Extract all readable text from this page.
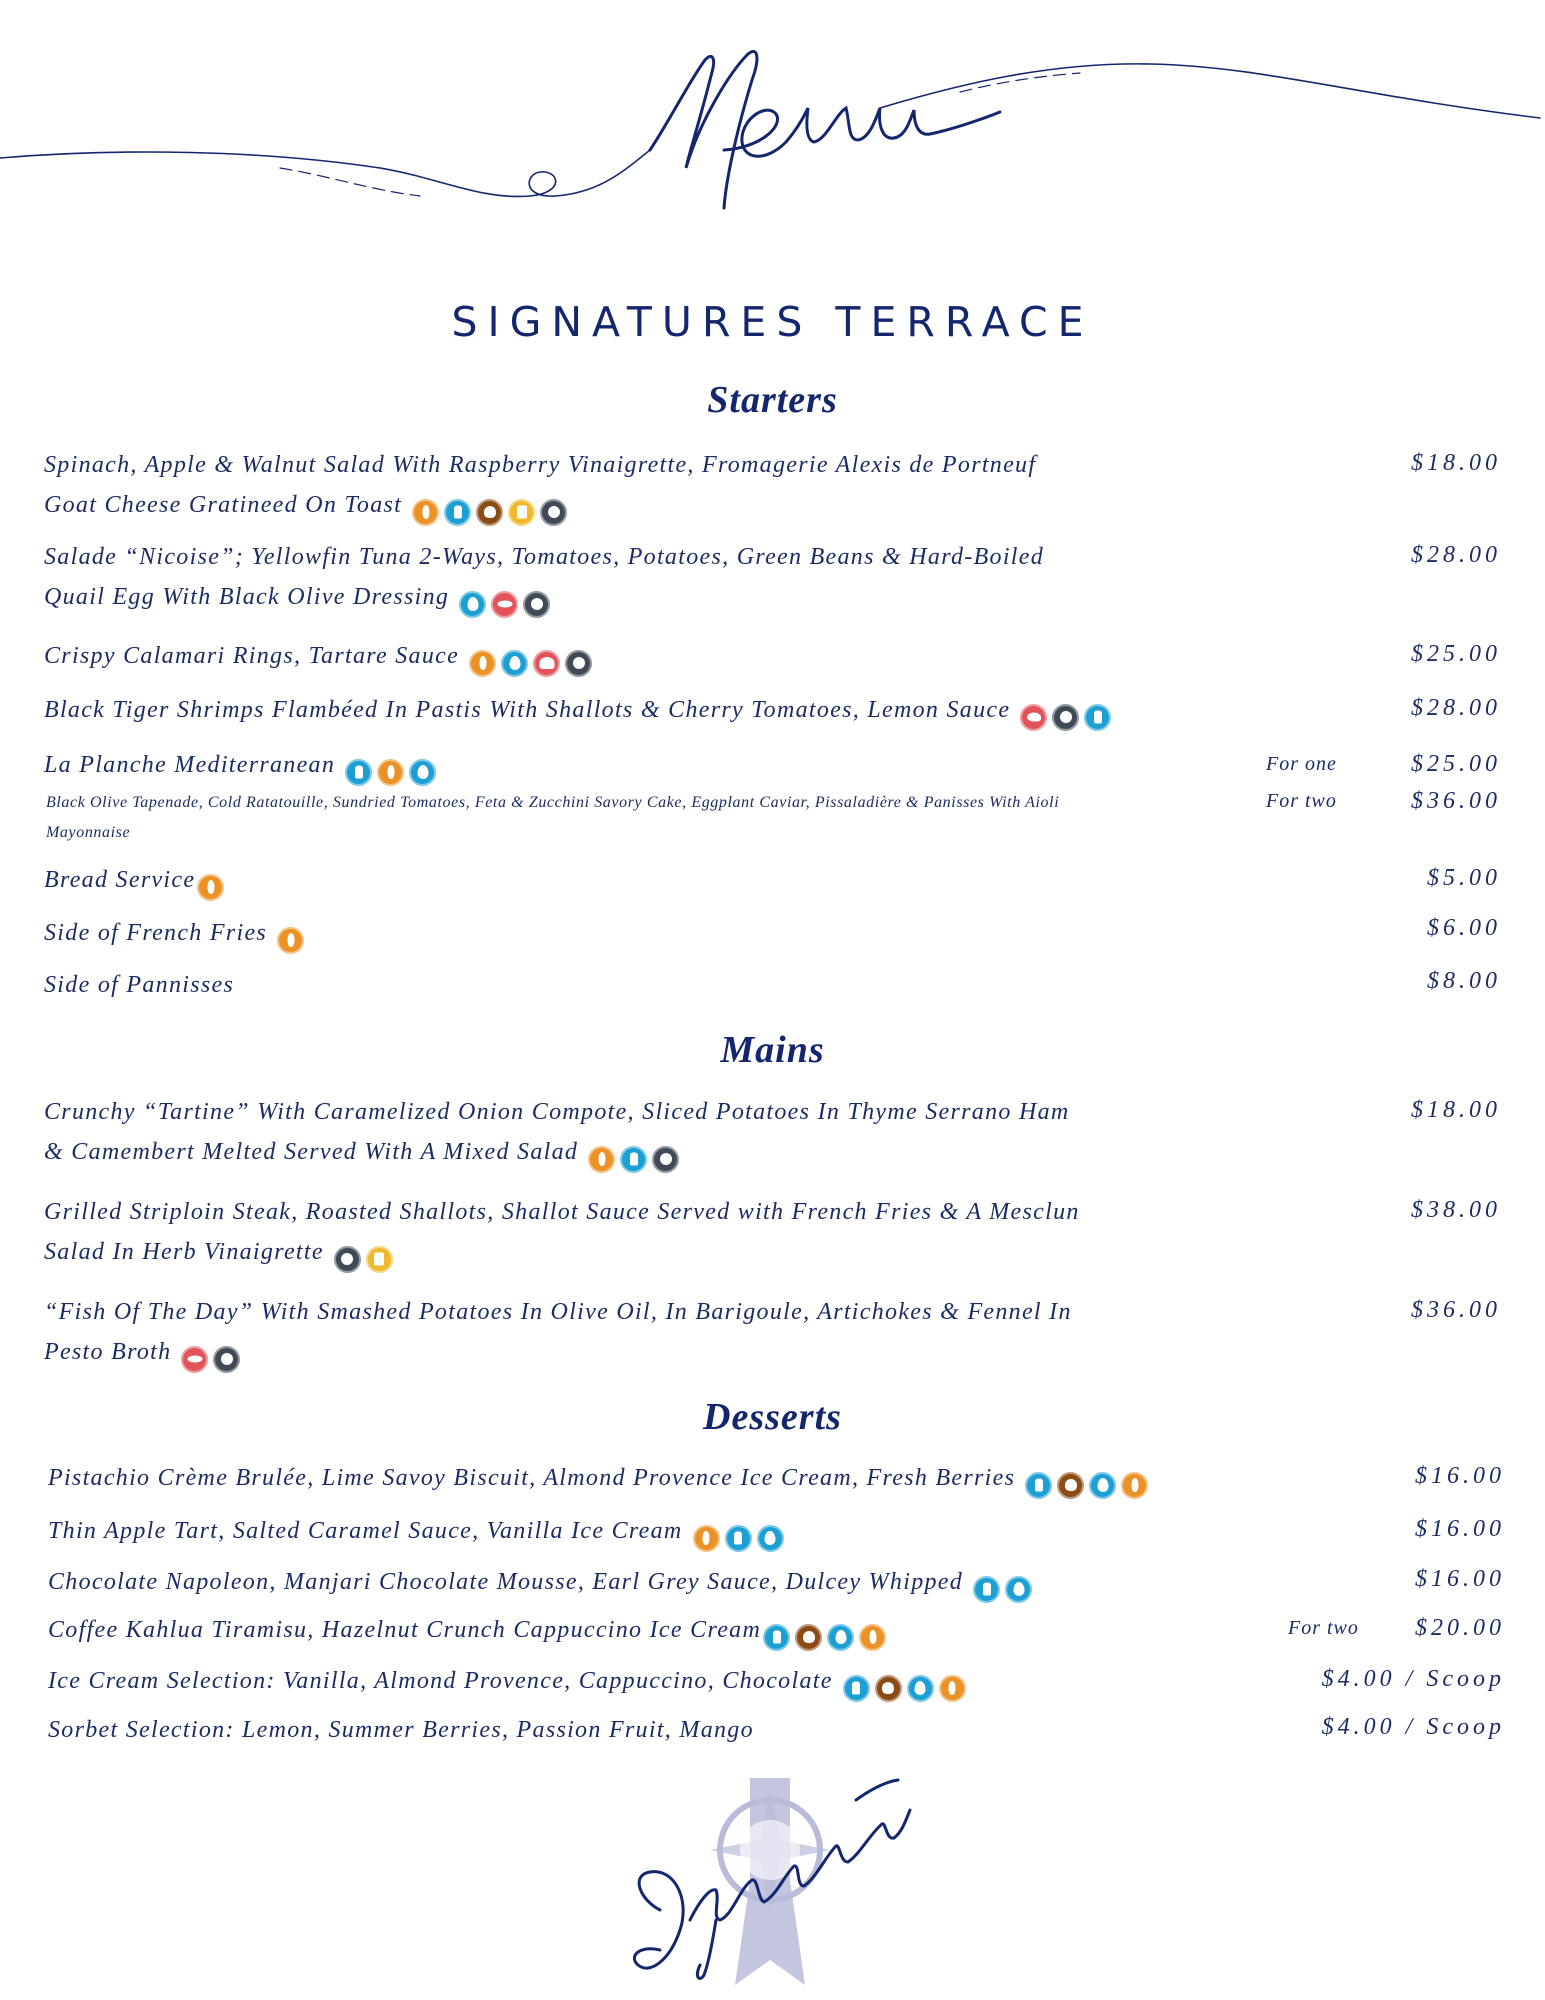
SIGNATURES TERRACE
Starters
Spinach, Apple & Walnut Salad With Raspberry Vinaigrette, Fromagerie Alexis de Portneuf
Goat Cheese Gratineed On Toast
$18.00
Salade “Nicoise”; Yellowfin Tuna 2-Ways, Tomatoes, Potatoes, Green Beans & Hard-Boiled
Quail Egg With Black Olive Dressing
$28.00
Crispy Calamari Rings, Tartare Sauce	$25.00
Black Tiger Shrimps Flambéed In Pastis With Shallots & Cherry Tomatoes, Lemon Sauce	$28.00
La Planche Mediterranean
Black Olive Tapenade, Cold Ratatouille, Sundried Tomatoes, Feta & Zucchini Savory Cake, Eggplant Caviar, Pissaladière & Panisses With Aioli Mayonnaise
For one	$25.00
For two	$36.00
Bread Service	$5.00
Side of French Fries	$6.00
Side of Pannisses	$8.00
Mains
Crunchy “Tartine” With Caramelized Onion Compote, Sliced Potatoes In Thyme Serrano Ham
& Camembert Melted Served With A Mixed Salad
$18.00
Grilled Striploin Steak, Roasted Shallots, Shallot Sauce Served with French Fries & A Mesclun
Salad In Herb Vinaigrette
$38.00
“Fish Of The Day” With Smashed Potatoes In Olive Oil, In Barigoule, Artichokes & Fennel In
Pesto Broth
$36.00
Desserts
Pistachio Crème Brulée, Lime Savoy Biscuit, Almond Provence Ice Cream, Fresh Berries	$16.00
Thin Apple Tart, Salted Caramel Sauce, Vanilla Ice Cream	$16.00
Chocolate Napoleon, Manjari Chocolate Mousse, Earl Grey Sauce, Dulcey Whipped	$16.00
Coffee Kahlua Tiramisu, Hazelnut Crunch Cappuccino Ice Cream	For two $20.00
Ice Cream Selection: Vanilla, Almond Provence, Cappuccino, Chocolate	$4.00 / Scoop
Sorbet Selection: Lemon, Summer Berries, Passion Fruit, Mango	$4.00 / Scoop
